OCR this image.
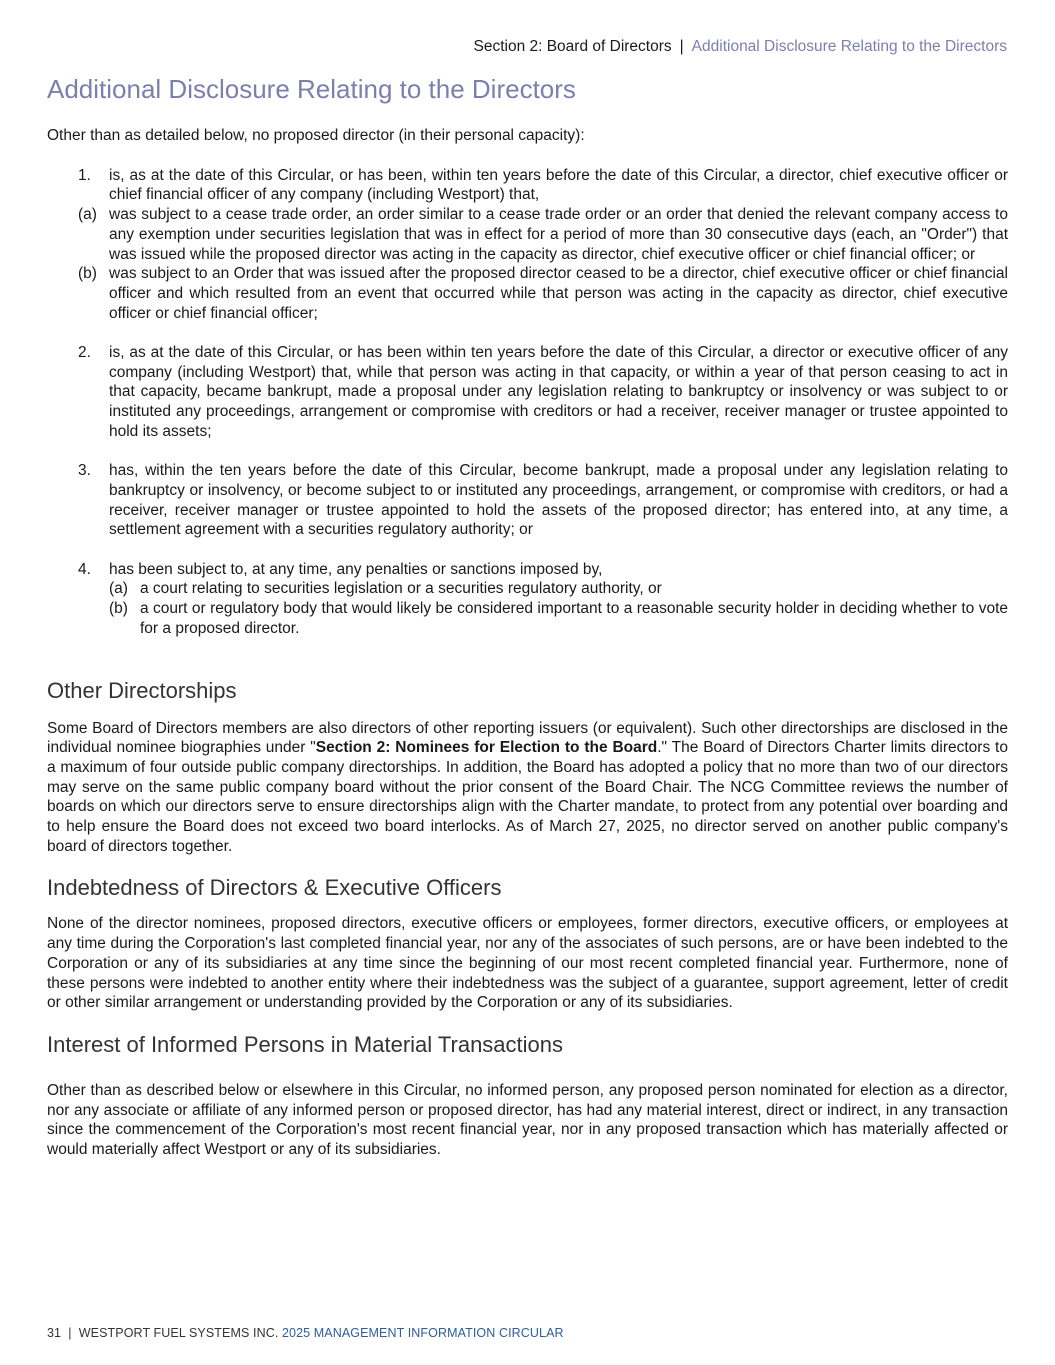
Section 2: Board of Directors | Additional Disclosure Relating to the Directors
Additional Disclosure Relating to the Directors

Other than as detailed below, no proposed director (in their personal capacity):

1.	is, as at the date of this Circular, or has been, within ten years before the date of this Circular, a director, chief executive officer or chief financial officer of any company (including Westport) that,
(a) was subject to a cease trade order, an order similar to a cease trade order or an order that denied the relevant company access to any exemption under securities legislation that was in effect for a period of more than 30 consecutive days (each, an "Order") that was issued while the proposed director was acting in the capacity as director, chief executive officer or chief financial officer; or
(b) was subject to an Order that was issued after the proposed director ceased to be a director, chief executive officer or chief financial officer and which resulted from an event that occurred while that person was acting in the capacity as director, chief executive officer or chief financial officer;
2.	is, as at the date of this Circular, or has been within ten years before the date of this Circular, a director or executive officer of any company (including Westport) that, while that person was acting in that capacity, or within a year of that person ceasing to act in that capacity, became bankrupt, made a proposal under any legislation relating to bankruptcy or insolvency or was subject to or instituted any proceedings, arrangement or compromise with creditors or had a receiver, receiver manager or trustee appointed to hold its assets;
3.	has, within the ten years before the date of this Circular, become bankrupt, made a proposal under any legislation relating to bankruptcy or insolvency, or become subject to or instituted any proceedings, arrangement, or compromise with creditors, or had a receiver, receiver manager or trustee appointed to hold the assets of the proposed director; has entered into, at any time, a settlement agreement with a securities regulatory authority; or
4.	has been subject to, at any time, any penalties or sanctions imposed by,
(a) a court relating to securities legislation or a securities regulatory authority, or
(b) a court or regulatory body that would likely be considered important to a reasonable security holder in deciding whether to vote for a proposed director.
Other Directorships

Some Board of Directors members are also directors of other reporting issuers (or equivalent). Such other directorships are disclosed in the individual nominee biographies under "Section 2: Nominees for Election to the Board." The Board of Directors Charter limits directors to a maximum of four outside public company directorships. In addition, the Board has adopted a policy that no more than two of our directors may serve on the same public company board without the prior consent of the Board Chair. The NCG Committee reviews the number of boards on which our directors serve to ensure directorships align with the Charter mandate, to protect from any potential over boarding and to help ensure the Board does not exceed two board interlocks. As of March 27, 2025, no director served on another public company's board of directors together.

Indebtedness of Directors & Executive Officers

None of the director nominees, proposed directors, executive officers or employees, former directors, executive officers, or employees at any time during the Corporation's last completed financial year, nor any of the associates of such persons, are or have been indebted to the Corporation or any of its subsidiaries at any time since the beginning of our most recent completed financial year. Furthermore, none of these persons were indebted to another entity where their indebtedness was the subject of a guarantee, support agreement, letter of credit or other similar arrangement or understanding provided by the Corporation or any of its subsidiaries.

Interest of Informed Persons in Material Transactions

Other than as described below or elsewhere in this Circular, no informed person, any proposed person nominated for election as a director, nor any associate or affiliate of any informed person or proposed director, has had any material interest, direct or indirect, in any transaction since the commencement of the Corporation's most recent financial year, nor in any proposed transaction which has materially affected or would materially affect Westport or any of its subsidiaries.

31 | WESTPORT FUEL SYSTEMS INC. 2025 MANAGEMENT INFORMATION CIRCULAR
